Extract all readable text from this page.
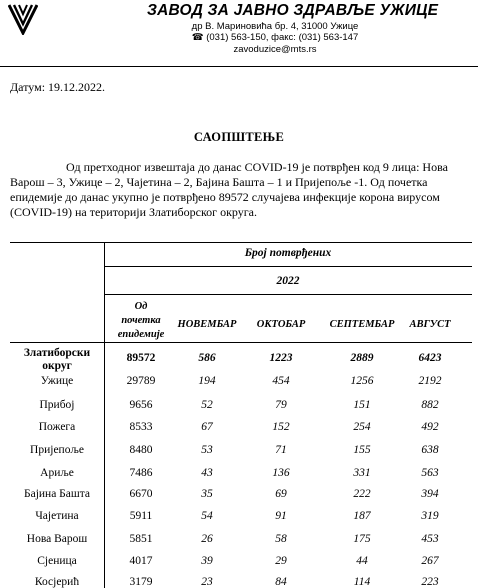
ЗАВОД ЗА ЈАВНО ЗДРАВЉЕ УЖИЦЕ
др В. Мариновића бр. 4, 31000 Ужице
☎ (031) 563-150, факс: (031) 563-147
zavoduzice@mts.rs
Датум: 19.12.2022.
САОПШТЕЊЕ

Од претходног извештаја до данас COVID-19 је потврђен код 9 лица: Нова Варош – 3, Ужице – 2, Чајетина – 2, Бајина Башта – 1 и Пријепоље -1. Од почетка епидемије до данас укупно је потврђено 89572 случајева инфекције корона вирусом (COVID-19) на територији Златиборског округа.

Број потврђених
2022
Од
почетка
епидемије
НОВЕМБАР	ОКТОБАР	СЕПТЕМБАР	АВГУСТ
Златиборски
округ
89572	586	1223	2889	6423
Ужице	29789	194	454	1256	2192
Прибој	9656	52	79	151	882
Пожега	8533	67	152	254	492
Пријепоље	8480	53	71	155	638
Ариље	7486	43	136	331	563
Бајина Башта	6670	35	69	222	394
Чајетина	5911	54	91	187	319
Нова Варош	5851	26	58	175	453
Сјеница	4017	39	29	44	267
Косјерић	3179	23	84	114	223
